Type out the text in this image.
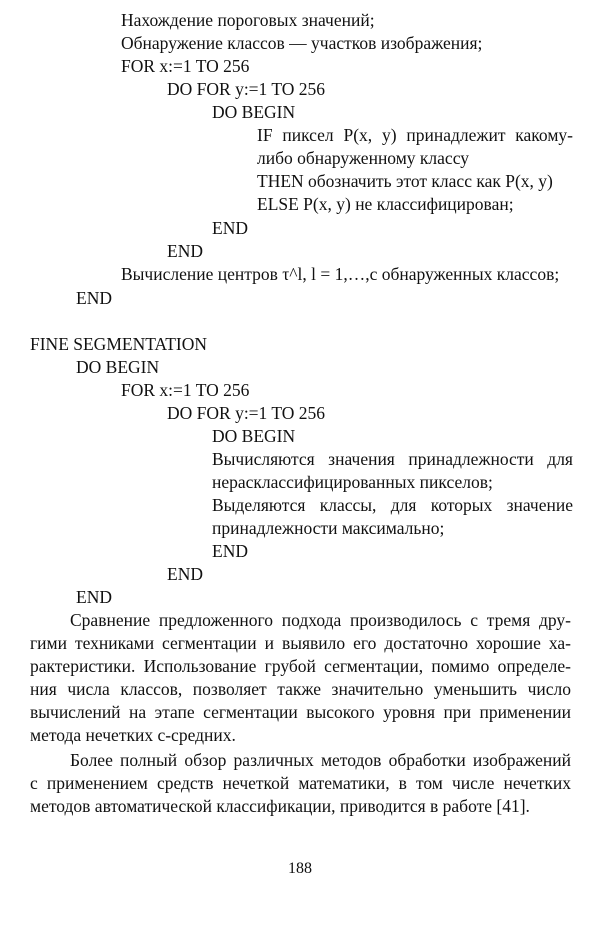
Нахождение пороговых значений;
Обнаружение классов — участков изображения;
FOR x:=1 TO 256
DO FOR y:=1 TO 256
DO BEGIN
IF пиксел P(x, y) принадлежит какому-
либо обнаруженному классу
THEN обозначить этот класс как P(x, y)
ELSE P(x, y) не классифицирован;
END
END
Вычисление центров τ^l, l = 1,…,c обнаруженных классов;
END
FINE SEGMENTATION
DO BEGIN
FOR x:=1 TO 256
DO FOR y:=1 TO 256
DO BEGIN
Вычисляются значения принадлежности для
нерасклассифицированных пикселов;
Выделяются классы, для которых значение
принадлежности максимально;
END
END
END
Сравнение предложенного подхода производилось с тремя дру-
гими техниками сегментации и выявило его достаточно хорошие ха-
рактеристики. Использование грубой сегментации, помимо определе-
ния числа классов, позволяет также значительно уменьшить число
вычислений на этапе сегментации высокого уровня при применении
метода нечетких c-средних.
Более полный обзор различных методов обработки изображений
с применением средств нечеткой математики, в том числе нечетких
методов автоматической классификации, приводится в работе [41].
188
